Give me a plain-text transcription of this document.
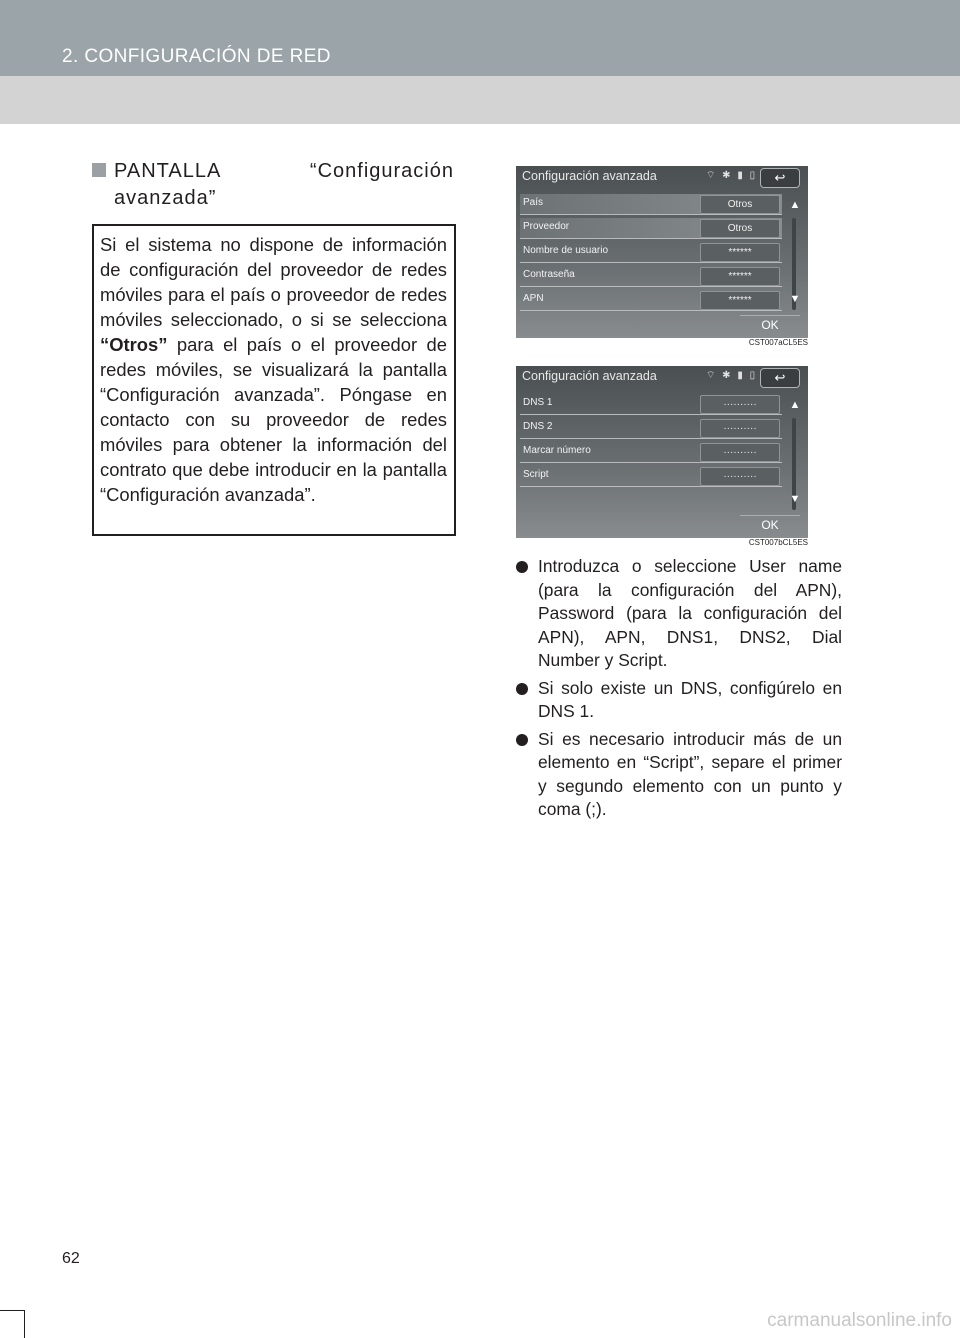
2. CONFIGURACIÓN DE RED
PANTALLA	“Configuración
avanzada”
Si el sistema no dispone de información de configuración del proveedor de redes móviles para el país o proveedor de redes móviles seleccionado, o si se selecciona “Otros” para el país o el proveedor de redes móviles, se visualizará la pantalla “Configuración avanzada”. Póngase en contacto con su proveedor de redes móviles para obtener la información del contrato que debe introducir en la pantalla “Configuración avanzada”.
Configuración avanzada	⌔ ✱ ▮ ▯	↩
País	Otros
Proveedor	Otros
Nombre de usuario	******
Contraseña	******
APN	******
▲
▼
OK
CST007aCL5ES
Configuración avanzada	⌔ ✱ ▮ ▯	↩
DNS 1	··········
DNS 2	··········
Marcar número	··········
Script	··········
▲
▼
OK
CST007bCL5ES
Introduzca o seleccione User name (para la configuración del APN), Password (para la configuración del APN), APN, DNS1, DNS2, Dial Number y Script.
Si solo existe un DNS, configúrelo en DNS 1.
Si es necesario introducir más de un elemento en “Script”, separe el primer y segundo elemento con un punto y coma (;).
62
carmanualsonline.info
